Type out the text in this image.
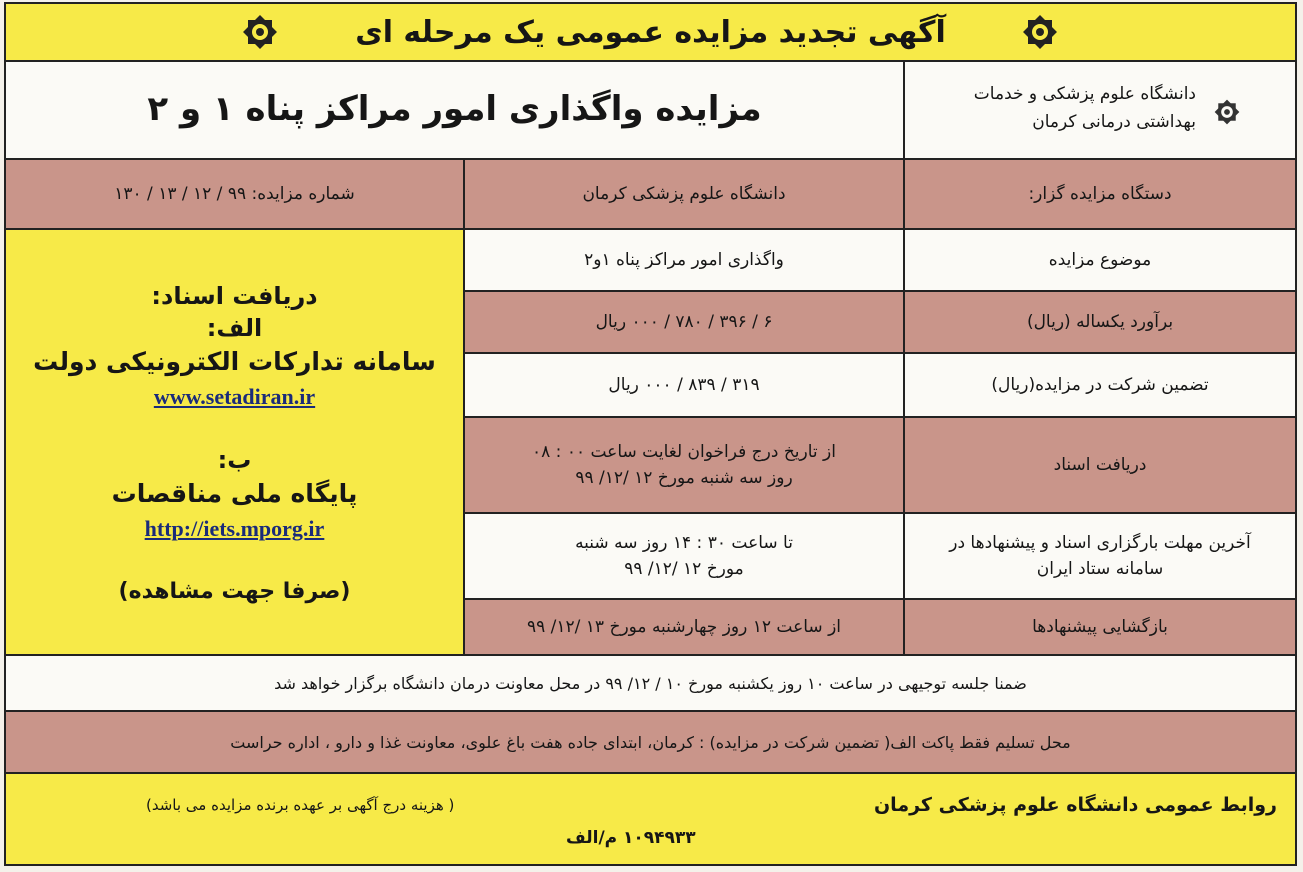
آگهی تجدید مزایده عمومی یک مرحله ای
دانشگاه علوم پزشکی و خدمات
بهداشتی درمانی کرمان
مزایده واگذاری امور مراکز پناه ۱ و ۲
دستگاه مزایده گزار:
دانشگاه علوم پزشکی کرمان
شماره مزایده:

۹۹ / ۱۲ / ۱۳ / ۱۳۰
دریافت اسناد:
الف:
سامانه تدارکات الکترونیکی دولت
www.setadiran.ir
ب:
پایگاه ملی مناقصات
http://iets.mporg.ir
(صرفا جهت مشاهده)
موضوع مزایده
واگذاری امور مراکز پناه ۱و۲
برآورد یکساله (ریال)
۶ / ۳۹۶ / ۷۸۰ / ۰۰۰ ریال
تضمین شرکت در مزایده(ریال)
۳۱۹ / ۸۳۹ / ۰۰۰ ریال
دریافت اسناد
از تاریخ درج فراخوان لغایت ساعت ۰۰ : ۰۸
روز سه شنبه مورخ ۱۲ /۱۲/ ۹۹
آخرین مهلت بارگزاری اسناد و پیشنهادها در
سامانه ستاد ایران
تا ساعت ۳۰ : ۱۴ روز سه شنبه
مورخ ۱۲ /۱۲/ ۹۹
بازگشایی پیشنهادها
از ساعت ۱۲ روز چهارشنبه مورخ ۱۳ /۱۲/ ۹۹
ضمنا جلسه توجیهی در ساعت ۱۰ روز یکشنبه مورخ ۱۰ / ۱۲/ ۹۹ در محل معاونت درمان دانشگاه برگزار خواهد شد
محل تسلیم فقط پاکت الف( تضمین شرکت در مزایده) : کرمان، ابتدای جاده هفت باغ علوی، معاونت غذا و دارو ، اداره حراست
روابط عمومی دانشگاه علوم پزشکی کرمان
( هزینه درج آگهی بر عهده برنده مزایده می باشد)
۱۰۹۴۹۳۳ م/الف
